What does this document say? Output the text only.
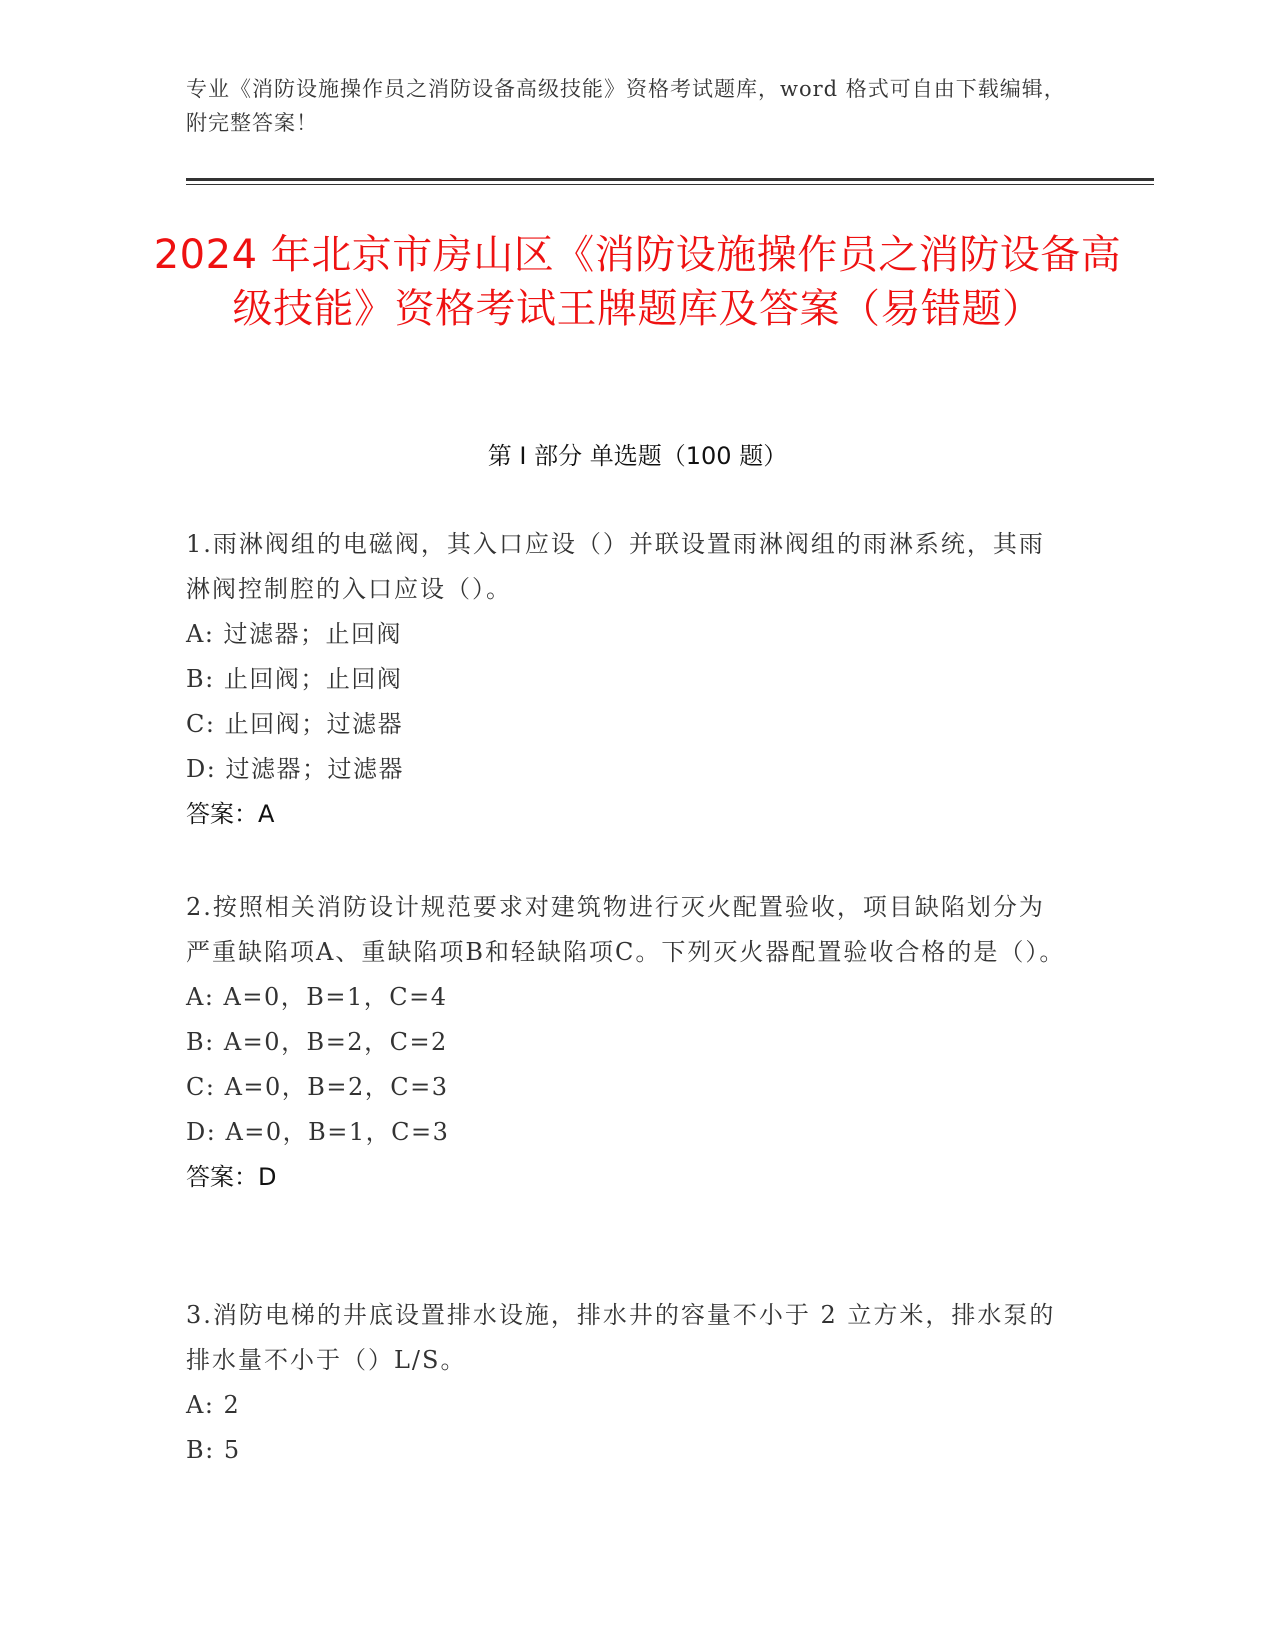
专业《消防设施操作员之消防设备高级技能》资格考试题库，word 格式可自由下载编辑，附完整答案！
2024 年北京市房山区《消防设施操作员之消防设备高级技能》资格考试王牌题库及答案（易错题）
第 I 部分 单选题（100 题）
1.雨淋阀组的电磁阀，其入口应设（）并联设置雨淋阀组的雨淋系统，其雨淋阀控制腔的入口应设（）。
A: 过滤器；止回阀
B: 止回阀；止回阀
C: 止回阀；过滤器
D: 过滤器；过滤器
答案：A
2.按照相关消防设计规范要求对建筑物进行灭火配置验收，项目缺陷划分为严重缺陷项A、重缺陷项B和轻缺陷项C。下列灭火器配置验收合格的是（）。
A: A=0，B=1，C=4
B: A=0，B=2，C=2
C: A=0，B=2，C=3
D: A=0，B=1，C=3
答案：D
3.消防电梯的井底设置排水设施，排水井的容量不小于 2 立方米，排水泵的排水量不小于（）L/S。
A: 2
B: 5
